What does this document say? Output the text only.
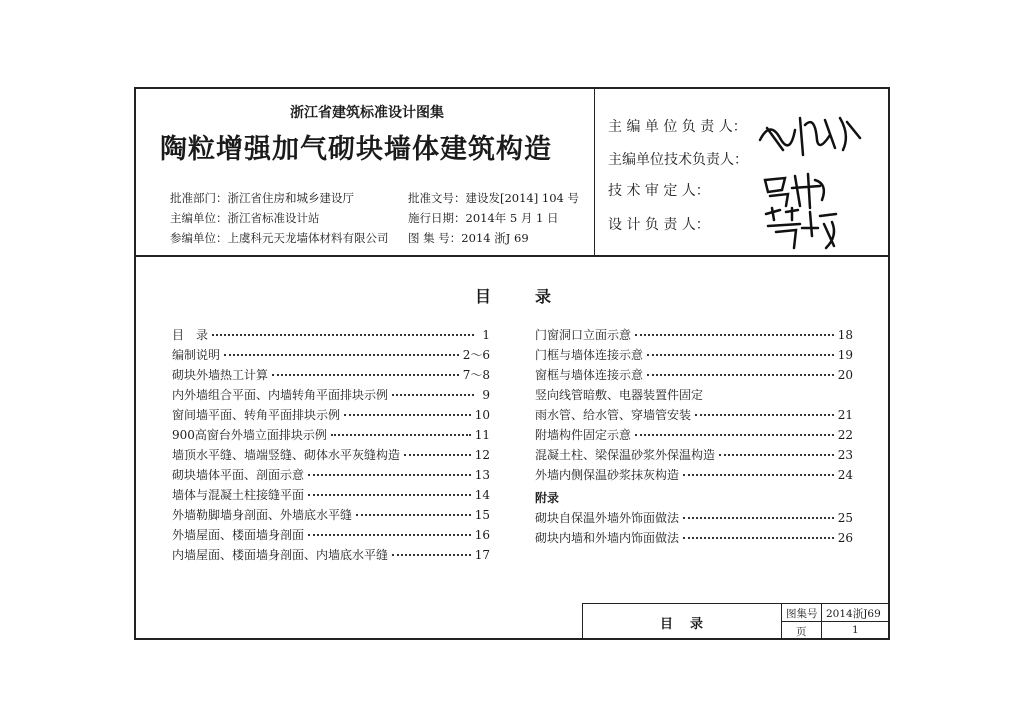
浙江省建筑标准设计图集
陶粒增强加气砌块墙体建筑构造
批准部门：浙江省住房和城乡建设厅	批准文号：建设发[2014] 104 号
主编单位：浙江省标准设计站	施行日期：2014年 5 月 1 日
参编单位：上虞科元天龙墙体材料有限公司 图 集 号：2014 浙J 69
主 编 单 位 负 责 人：
主编单位技术负责人：
技 术 审 定 人：
设 计 负 责 人：
目	录
目　录	1
编制说明	2～6
砌块外墙热工计算	7～8
内外墙组合平面、内墙转角平面排块示例	9
窗间墙平面、转角平面排块示例	10
900高窗台外墙立面排块示例	11
墙顶水平缝、墙端竖缝、砌体水平灰缝构造	12
砌块墙体平面、剖面示意	13
墙体与混凝土柱接缝平面	14
外墙勒脚墙身剖面、外墙底水平缝	15
外墙屋面、楼面墙身剖面	16
内墙屋面、楼面墙身剖面、内墙底水平缝	17
门窗洞口立面示意	18
门框与墙体连接示意	19
窗框与墙体连接示意	20
竖向线管暗敷、电器装置件固定
雨水管、给水管、穿墙管安装	21
附墙构件固定示意	22
混凝土柱、梁保温砂浆外保温构造	23
外墙内侧保温砂浆抹灰构造	24
附录
砌块自保温外墙外饰面做法	25
砌块内墙和外墙内饰面做法	26
目 录
图集号 2014浙J69
页	1
